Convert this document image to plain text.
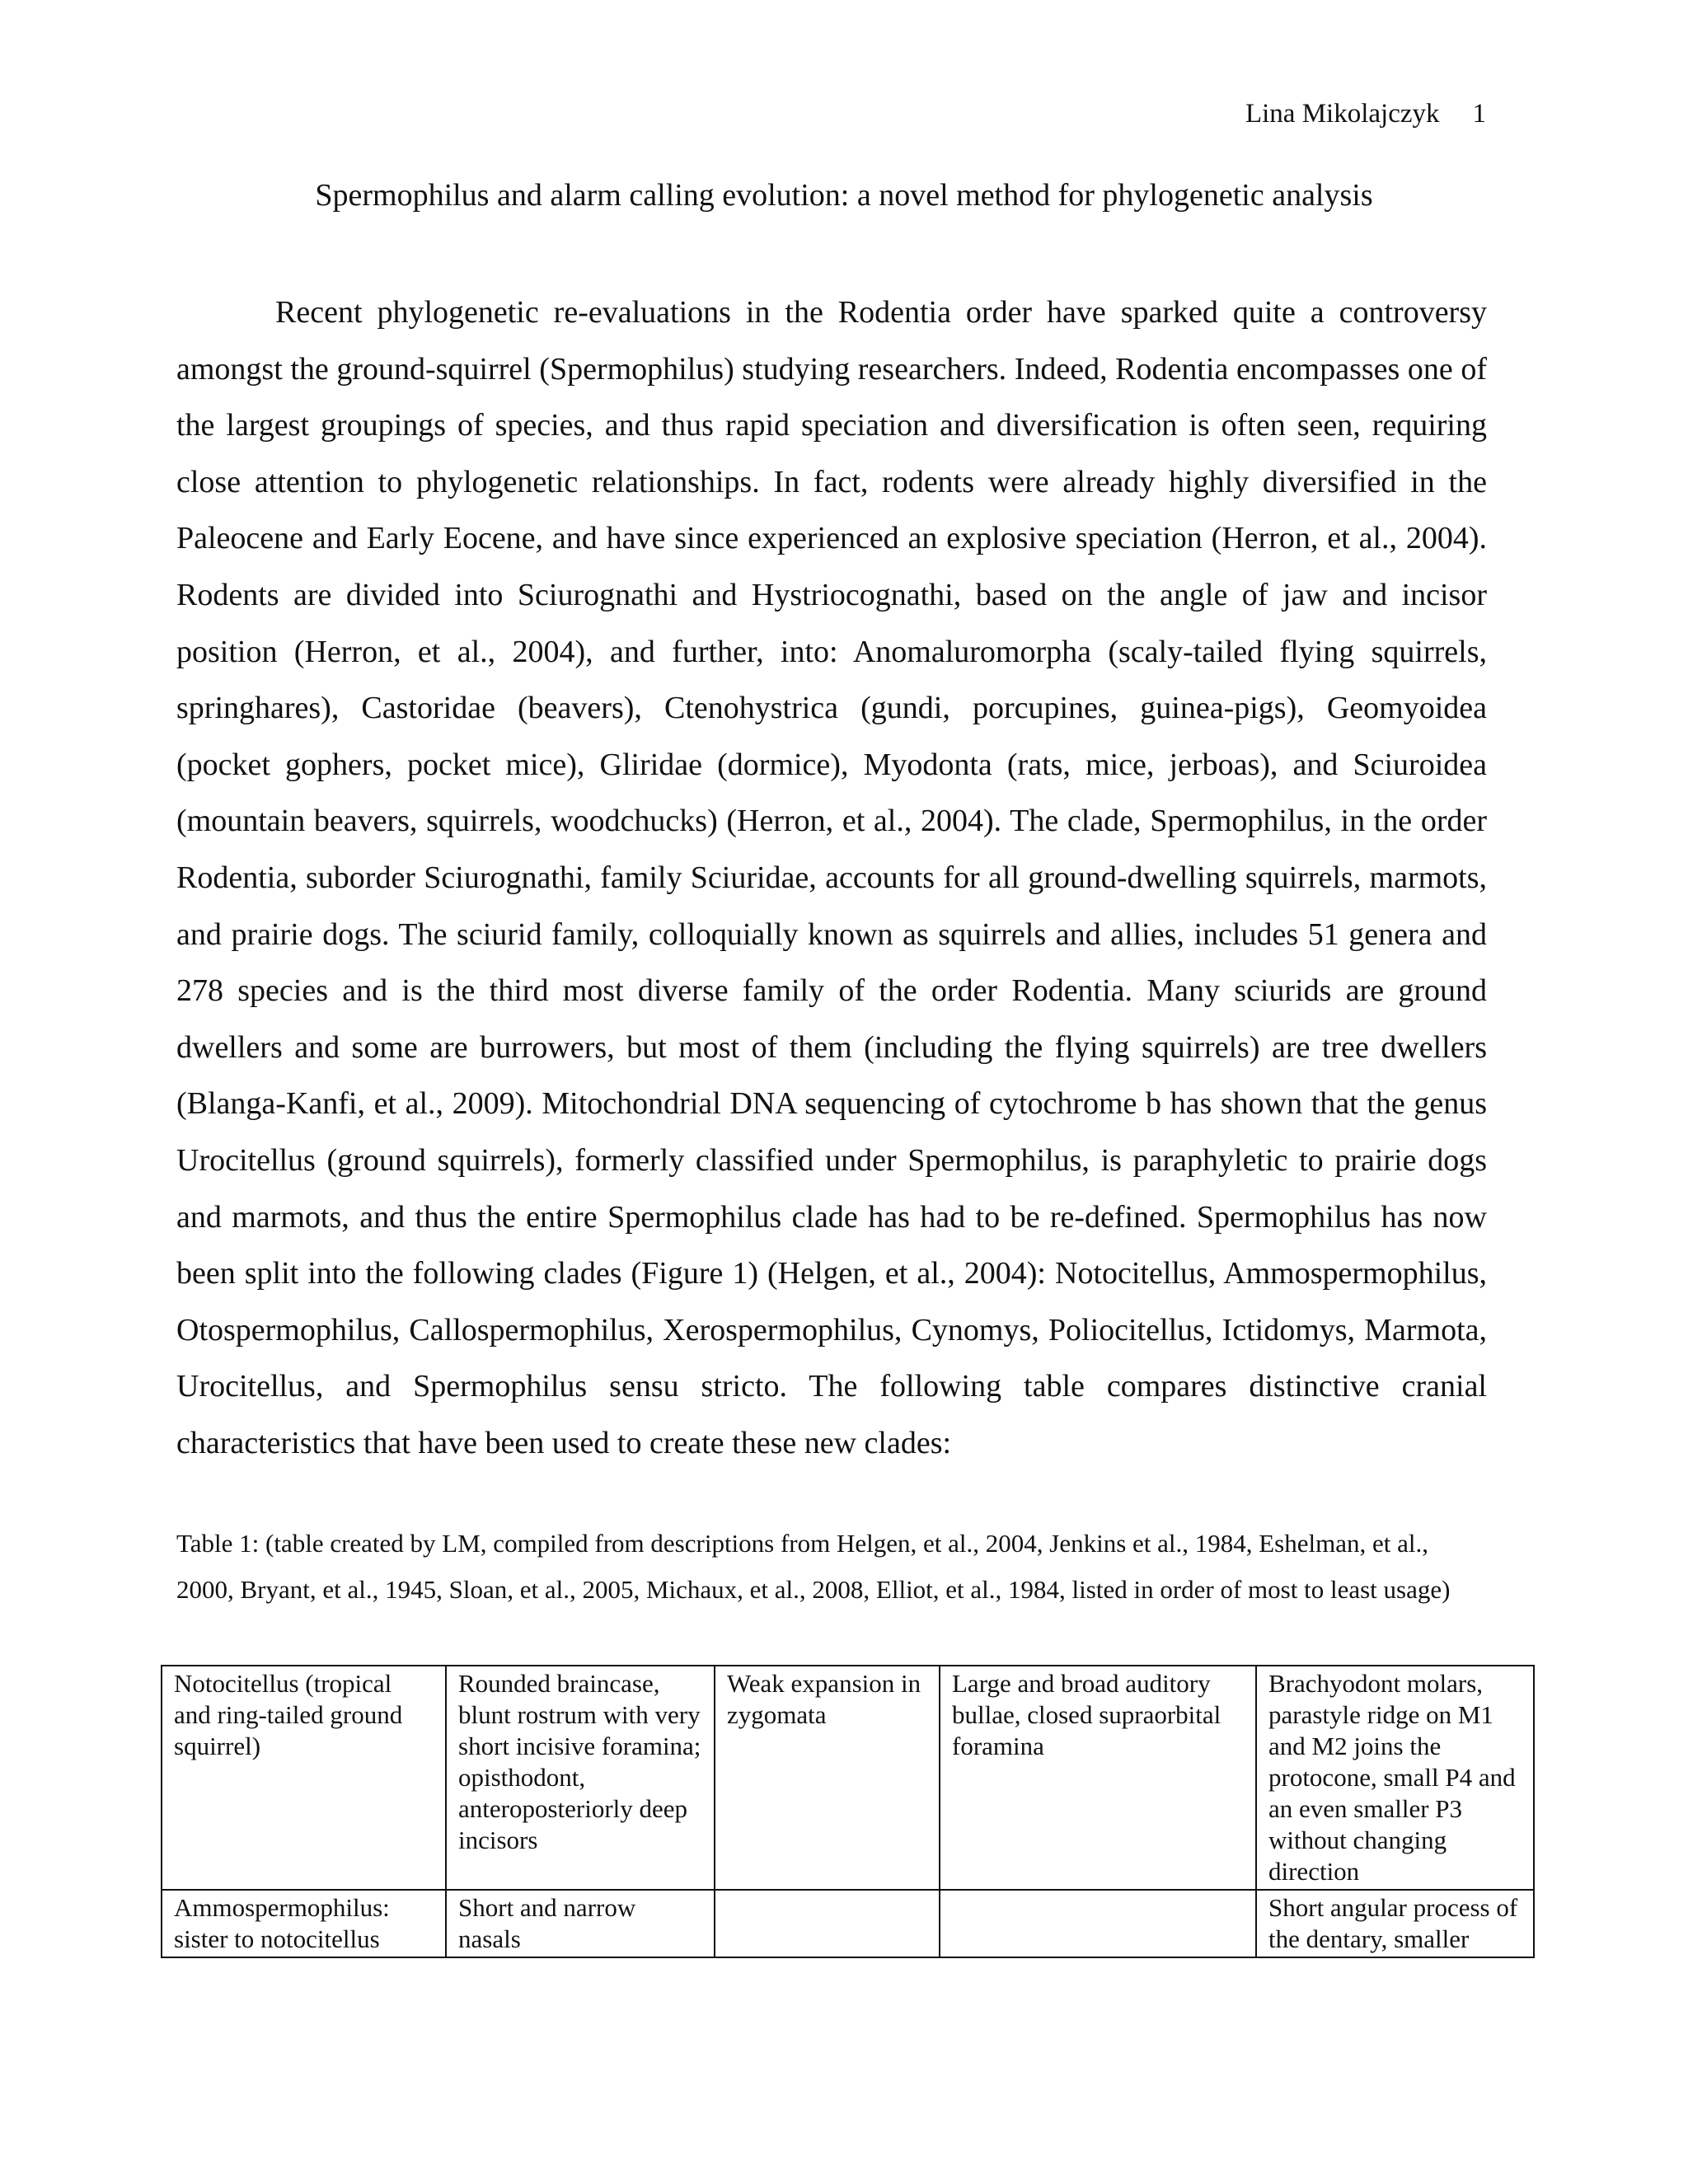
Lina Mikolajczyk 1
Spermophilus and alarm calling evolution: a novel method for phylogenetic analysis

Recent phylogenetic re-evaluations in the Rodentia order have sparked quite a controversy amongst the ground-squirrel (Spermophilus) studying researchers. Indeed, Rodentia encompasses one of the largest groupings of species, and thus rapid speciation and diversification is often seen, requiring close attention to phylogenetic relationships. In fact, rodents were already highly diversified in the Paleocene and Early Eocene, and have since experienced an explosive speciation (Herron, et al., 2004). Rodents are divided into Sciurognathi and Hystriocognathi, based on the angle of jaw and incisor position (Herron, et al., 2004), and further, into: Anomaluromorpha (scaly-tailed flying squirrels, springhares), Castoridae (beavers), Ctenohystrica (gundi, porcupines, guinea-pigs), Geomyoidea (pocket gophers, pocket mice), Gliridae (dormice), Myodonta (rats, mice, jerboas), and Sciuroidea (mountain beavers, squirrels, woodchucks) (Herron, et al., 2004). The clade, Spermophilus, in the order Rodentia, suborder Sciurognathi, family Sciuridae, accounts for all ground-dwelling squirrels, marmots, and prairie dogs. The sciurid family, colloquially known as squirrels and allies, includes 51 genera and 278 species and is the third most diverse family of the order Rodentia. Many sciurids are ground dwellers and some are burrowers, but most of them (including the flying squirrels) are tree dwellers (Blanga-Kanfi, et al., 2009). Mitochondrial DNA sequencing of cytochrome b has shown that the genus Urocitellus (ground squirrels), formerly classified under Spermophilus, is paraphyletic to prairie dogs and marmots, and thus the entire Spermophilus clade has had to be re-defined. Spermophilus has now been split into the following clades (Figure 1) (Helgen, et al., 2004): Notocitellus, Ammospermophilus, Otospermophilus, Callospermophilus, Xerospermophilus, Cynomys, Poliocitellus, Ictidomys, Marmota, Urocitellus, and Spermophilus sensu stricto. The following table compares distinctive cranial characteristics that have been used to create these new clades:

Table 1: (table created by LM, compiled from descriptions from Helgen, et al., 2004, Jenkins et al., 1984, Eshelman, et al., 2000, Bryant, et al., 1945, Sloan, et al., 2005, Michaux, et al., 2008, Elliot, et al., 1984, listed in order of most to least usage)
Notocitellus (tropical and ring-tailed ground squirrel)	Rounded braincase, blunt rostrum with very short incisive foramina; opisthodont, anteroposteriorly deep incisors	Weak expansion in zygomata	Large and broad auditory bullae, closed supraorbital foramina	Brachyodont molars, parastyle ridge on M1 and M2 joins the protocone, small P4 and an even smaller P3 without changing direction
Ammospermophilus: sister to notocitellus	Short and narrow nasals			Short angular process of the dentary, smaller
